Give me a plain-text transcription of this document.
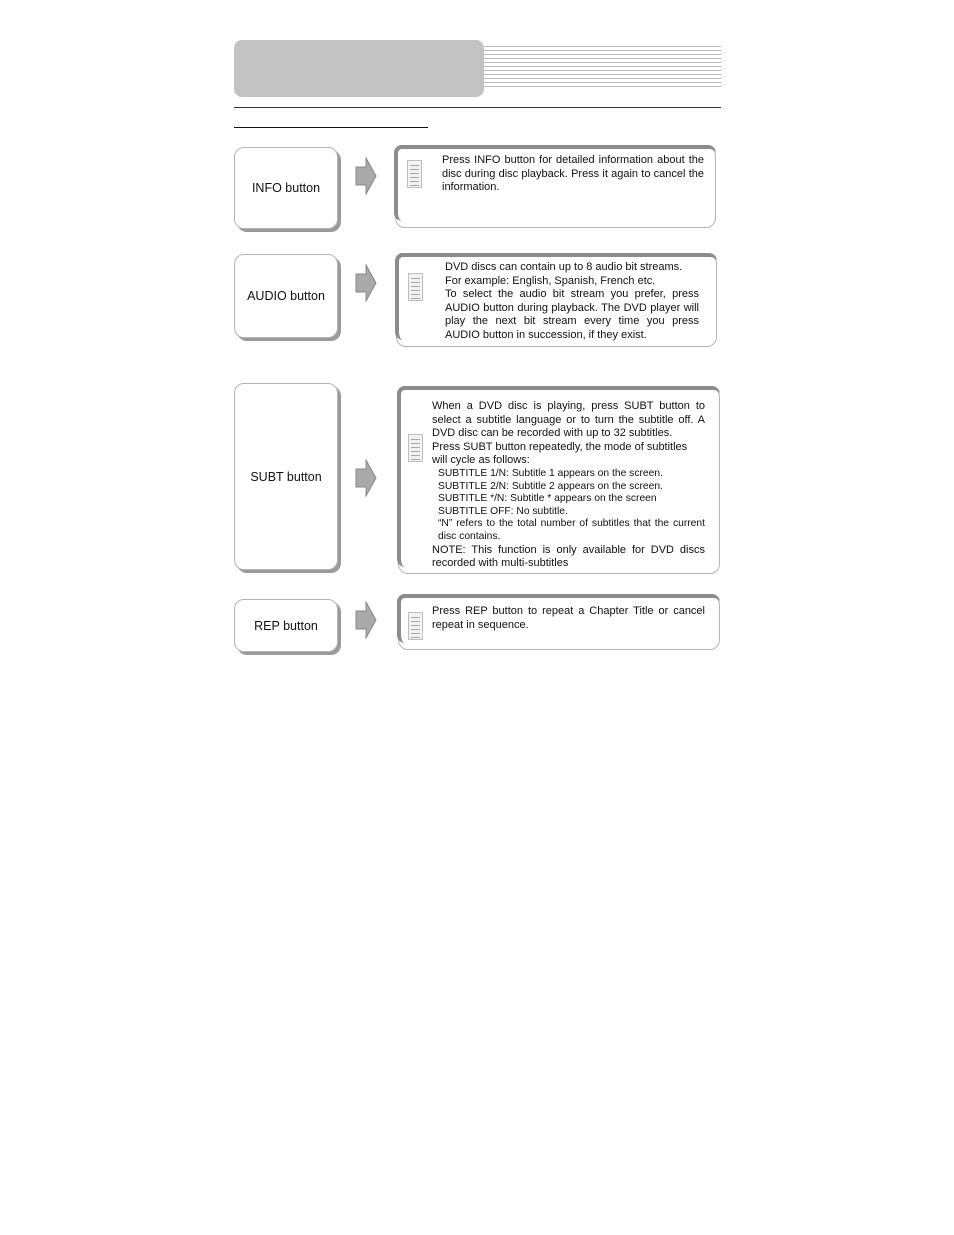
INFO button

Press INFO button for detailed information about the disc during disc playback. Press it again to cancel the information.

AUDIO button

DVD discs can contain up to 8 audio bit streams.

For example: English, Spanish, French etc.

To select the audio bit stream you prefer, press AUDIO button during playback. The DVD player will play the next bit stream every time you press AUDIO button in succession, if they exist.

SUBT button

When a DVD disc is playing, press SUBT button to select a subtitle language or to turn the subtitle off. A DVD disc can be recorded with up to 32 subtitles.

Press SUBT button repeatedly, the mode of subtitles will cycle as follows:

SUBTITLE 1/N: Subtitle 1 appears on the screen.

SUBTITLE 2/N: Subtitle 2 appears on the screen.

SUBTITLE */N: Subtitle * appears on the screen

SUBTITLE OFF: No subtitle.

“N” refers to the total number of subtitles that the current disc contains.

NOTE: This function is only available for DVD discs recorded with multi-subtitles

REP button

Press REP button to repeat a Chapter Title or cancel repeat in sequence.
